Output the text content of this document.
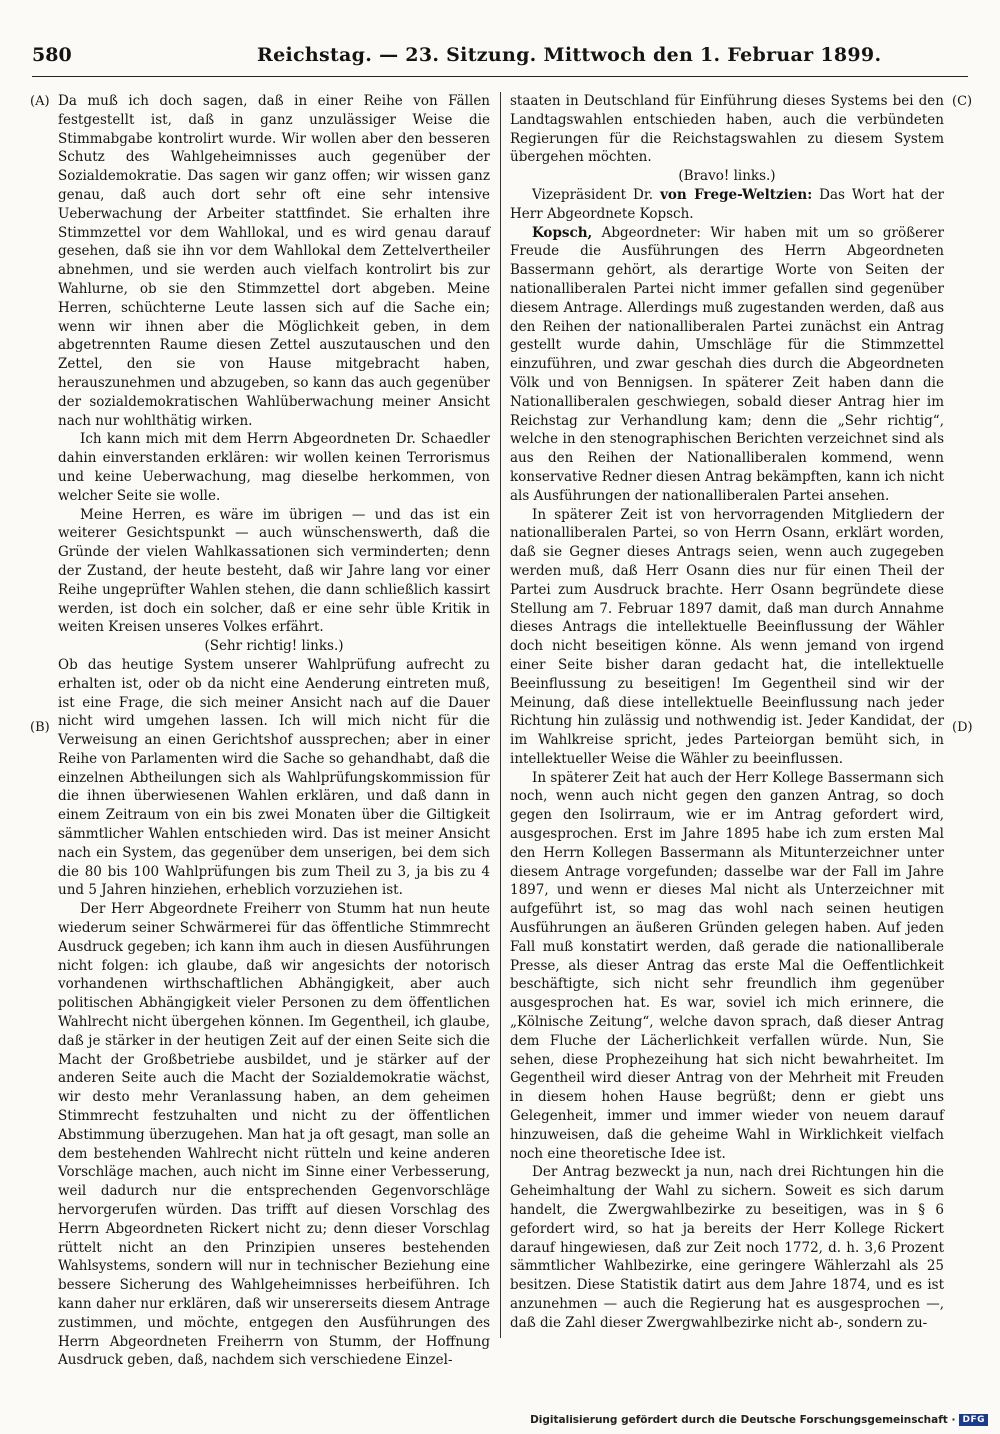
580	Reichstag. — 23. Sitzung. Mittwoch den 1. Februar 1899.
(A)
(B)
(C)
(D)

Da muß ich doch sagen, daß in einer Reihe von Fällen festgestellt ist, daß in ganz unzulässiger Weise die Stimmabgabe kontrolirt wurde. Wir wollen aber den besseren Schutz des Wahlgeheimnisses auch gegenüber der Sozialdemokratie. Das sagen wir ganz offen; wir wissen ganz genau, daß auch dort sehr oft eine sehr intensive Ueberwachung der Arbeiter stattfindet. Sie erhalten ihre Stimmzettel vor dem Wahllokal, und es wird genau darauf gesehen, daß sie ihn vor dem Wahllokal dem Zettelvertheiler abnehmen, und sie werden auch vielfach kontrolirt bis zur Wahlurne, ob sie den Stimmzettel dort abgeben. Meine Herren, schüchterne Leute lassen sich auf die Sache ein; wenn wir ihnen aber die Möglichkeit geben, in dem abgetrennten Raume diesen Zettel auszutauschen und den Zettel, den sie von Hause mitgebracht haben, herauszunehmen und abzugeben, so kann das auch gegenüber der sozialdemokratischen Wahlüberwachung meiner Ansicht nach nur wohlthätig wirken.

Ich kann mich mit dem Herrn Abgeordneten Dr. Schaedler dahin einverstanden erklären: wir wollen keinen Terrorismus und keine Ueberwachung, mag dieselbe herkommen, von welcher Seite sie wolle.

Meine Herren, es wäre im übrigen — und das ist ein weiterer Gesichtspunkt — auch wünschenswerth, daß die Gründe der vielen Wahlkassationen sich verminderten; denn der Zustand, der heute besteht, daß wir Jahre lang vor einer Reihe ungeprüfter Wahlen stehen, die dann schließlich kassirt werden, ist doch ein solcher, daß er eine sehr üble Kritik in weiten Kreisen unseres Volkes erfährt.

(Sehr richtig! links.)

Ob das heutige System unserer Wahlprüfung aufrecht zu erhalten ist, oder ob da nicht eine Aenderung eintreten muß, ist eine Frage, die sich meiner Ansicht nach auf die Dauer nicht wird umgehen lassen. Ich will mich nicht für die Verweisung an einen Gerichtshof aussprechen; aber in einer Reihe von Parlamenten wird die Sache so gehandhabt, daß die einzelnen Abtheilungen sich als Wahlprüfungskommission für die ihnen überwiesenen Wahlen erklären, und daß dann in einem Zeitraum von ein bis zwei Monaten über die Giltigkeit sämmtlicher Wahlen entschieden wird. Das ist meiner Ansicht nach ein System, das gegenüber dem unserigen, bei dem sich die 80 bis 100 Wahlprüfungen bis zum Theil zu 3, ja bis zu 4 und 5 Jahren hinziehen, erheblich vorzuziehen ist.

Der Herr Abgeordnete Freiherr von Stumm hat nun heute wiederum seiner Schwärmerei für das öffentliche Stimmrecht Ausdruck gegeben; ich kann ihm auch in diesen Ausführungen nicht folgen: ich glaube, daß wir angesichts der notorisch vorhandenen wirthschaftlichen Abhängigkeit, aber auch politischen Abhängigkeit vieler Personen zu dem öffentlichen Wahlrecht nicht übergehen können. Im Gegentheil, ich glaube, daß je stärker in der heutigen Zeit auf der einen Seite sich die Macht der Großbetriebe ausbildet, und je stärker auf der anderen Seite auch die Macht der Sozialdemokratie wächst, wir desto mehr Veranlassung haben, an dem geheimen Stimmrecht festzuhalten und nicht zu der öffentlichen Abstimmung überzugehen. Man hat ja oft gesagt, man solle an dem bestehenden Wahlrecht nicht rütteln und keine anderen Vorschläge machen, auch nicht im Sinne einer Verbesserung, weil dadurch nur die entsprechenden Gegenvorschläge hervorgerufen würden. Das trifft auf diesen Vorschlag des Herrn Abgeordneten Rickert nicht zu; denn dieser Vorschlag rüttelt nicht an den Prinzipien unseres bestehenden Wahlsystems, sondern will nur in technischer Beziehung eine bessere Sicherung des Wahlgeheimnisses herbeiführen. Ich kann daher nur erklären, daß wir unsererseits diesem Antrage zustimmen, und möchte, entgegen den Ausführungen des Herrn Abgeordneten Freiherrn von Stumm, der Hoffnung Ausdruck geben, daß, nachdem sich verschiedene Einzel-

staaten in Deutschland für Einführung dieses Systems bei den Landtagswahlen entschieden haben, auch die verbündeten Regierungen für die Reichstagswahlen zu diesem System übergehen möchten.

(Bravo! links.)

Vizepräsident Dr. von Frege-Weltzien: Das Wort hat der Herr Abgeordnete Kopsch.

Kopsch, Abgeordneter: Wir haben mit um so größerer Freude die Ausführungen des Herrn Abgeordneten Bassermann gehört, als derartige Worte von Seiten der nationalliberalen Partei nicht immer gefallen sind gegenüber diesem Antrage. Allerdings muß zugestanden werden, daß aus den Reihen der nationalliberalen Partei zunächst ein Antrag gestellt wurde dahin, Umschläge für die Stimmzettel einzuführen, und zwar geschah dies durch die Abgeordneten Völk und von Bennigsen. In späterer Zeit haben dann die Nationalliberalen geschwiegen, sobald dieser Antrag hier im Reichstag zur Verhandlung kam; denn die „Sehr richtig“, welche in den stenographischen Berichten verzeichnet sind als aus den Reihen der Nationalliberalen kommend, wenn konservative Redner diesen Antrag bekämpften, kann ich nicht als Ausführungen der nationalliberalen Partei ansehen.

In späterer Zeit ist von hervorragenden Mitgliedern der nationalliberalen Partei, so von Herrn Osann, erklärt worden, daß sie Gegner dieses Antrags seien, wenn auch zugegeben werden muß, daß Herr Osann dies nur für einen Theil der Partei zum Ausdruck brachte. Herr Osann begründete diese Stellung am 7. Februar 1897 damit, daß man durch Annahme dieses Antrags die intellektuelle Beeinflussung der Wähler doch nicht beseitigen könne. Als wenn jemand von irgend einer Seite bisher daran gedacht hat, die intellektuelle Beeinflussung zu beseitigen! Im Gegentheil sind wir der Meinung, daß diese intellektuelle Beeinflussung nach jeder Richtung hin zulässig und nothwendig ist. Jeder Kandidat, der im Wahlkreise spricht, jedes Parteiorgan bemüht sich, in intellektueller Weise die Wähler zu beeinflussen.

In späterer Zeit hat auch der Herr Kollege Bassermann sich noch, wenn auch nicht gegen den ganzen Antrag, so doch gegen den Isolirraum, wie er im Antrag gefordert wird, ausgesprochen. Erst im Jahre 1895 habe ich zum ersten Mal den Herrn Kollegen Bassermann als Mitunterzeichner unter diesem Antrage vorgefunden; dasselbe war der Fall im Jahre 1897, und wenn er dieses Mal nicht als Unterzeichner mit aufgeführt ist, so mag das wohl nach seinen heutigen Ausführungen an äußeren Gründen gelegen haben. Auf jeden Fall muß konstatirt werden, daß gerade die nationalliberale Presse, als dieser Antrag das erste Mal die Oeffentlichkeit beschäftigte, sich nicht sehr freundlich ihm gegenüber ausgesprochen hat. Es war, soviel ich mich erinnere, die „Kölnische Zeitung“, welche davon sprach, daß dieser Antrag dem Fluche der Lächerlichkeit verfallen würde. Nun, Sie sehen, diese Prophezeihung hat sich nicht bewahrheitet. Im Gegentheil wird dieser Antrag von der Mehrheit mit Freuden in diesem hohen Hause begrüßt; denn er giebt uns Gelegenheit, immer und immer wieder von neuem darauf hinzuweisen, daß die geheime Wahl in Wirklichkeit vielfach noch eine theoretische Idee ist.

Der Antrag bezweckt ja nun, nach drei Richtungen hin die Geheimhaltung der Wahl zu sichern. Soweit es sich darum handelt, die Zwergwahlbezirke zu beseitigen, was in § 6 gefordert wird, so hat ja bereits der Herr Kollege Rickert darauf hingewiesen, daß zur Zeit noch 1772, d. h. 3,6 Prozent sämmtlicher Wahlbezirke, eine geringere Wählerzahl als 25 besitzen. Diese Statistik datirt aus dem Jahre 1874, und es ist anzunehmen — auch die Regierung hat es ausgesprochen —, daß die Zahl dieser Zwergwahlbezirke nicht ab-, sondern zu-

Digitalisierung gefördert durch die Deutsche Forschungsgemeinschaft · DFG
